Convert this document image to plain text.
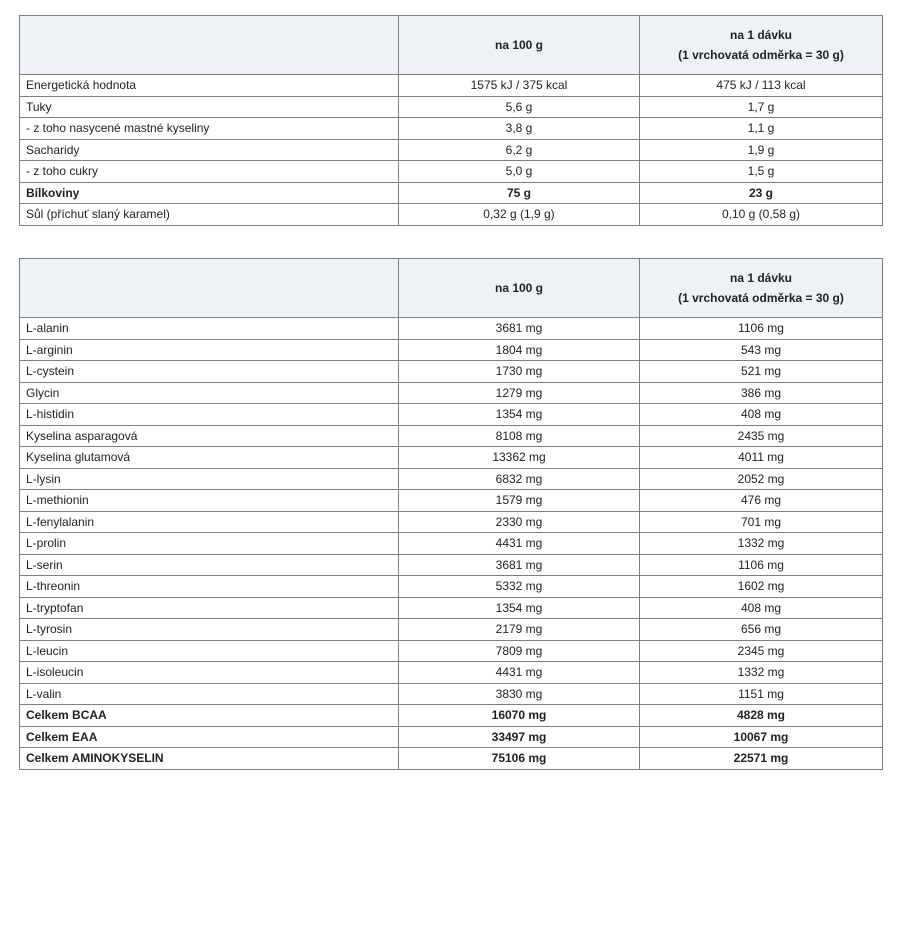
	na 100 g	na 1 dávku
(1 vrchovatá odměrka = 30 g)

Energetická hodnota	1575 kJ / 375 kcal	475 kJ / 113 kcal
Tuky	5,6 g	1,7 g
- z toho nasycené mastné kyseliny	3,8 g	1,1 g
Sacharidy	6,2 g	1,9 g
- z toho cukry	5,0 g	1,5 g
Bílkoviny	75 g	23 g
Sůl (příchuť slaný karamel)	0,32 g (1,9 g)	0,10 g (0,58 g)
	na 100 g	na 1 dávku
(1 vrchovatá odměrka = 30 g)

L-alanin	3681 mg	1106 mg
L-arginin	1804 mg	543 mg
L-cystein	1730 mg	521 mg
Glycin	1279 mg	386 mg
L-histidin	1354 mg	408 mg
Kyselina asparagová	8108 mg	2435 mg
Kyselina glutamová	13362 mg	4011 mg
L-lysin	6832 mg	2052 mg
L-methionin	1579 mg	476 mg
L-fenylalanin	2330 mg	701 mg
L-prolin	4431 mg	1332 mg
L-serin	3681 mg	1106 mg
L-threonin	5332 mg	1602 mg
L-tryptofan	1354 mg	408 mg
L-tyrosin	2179 mg	656 mg
L-leucin	7809 mg	2345 mg
L-isoleucin	4431 mg	1332 mg
L-valin	3830 mg	1151 mg
Celkem BCAA	16070 mg	4828 mg
Celkem EAA	33497 mg	10067 mg
Celkem AMINOKYSELIN	75106 mg	22571 mg
